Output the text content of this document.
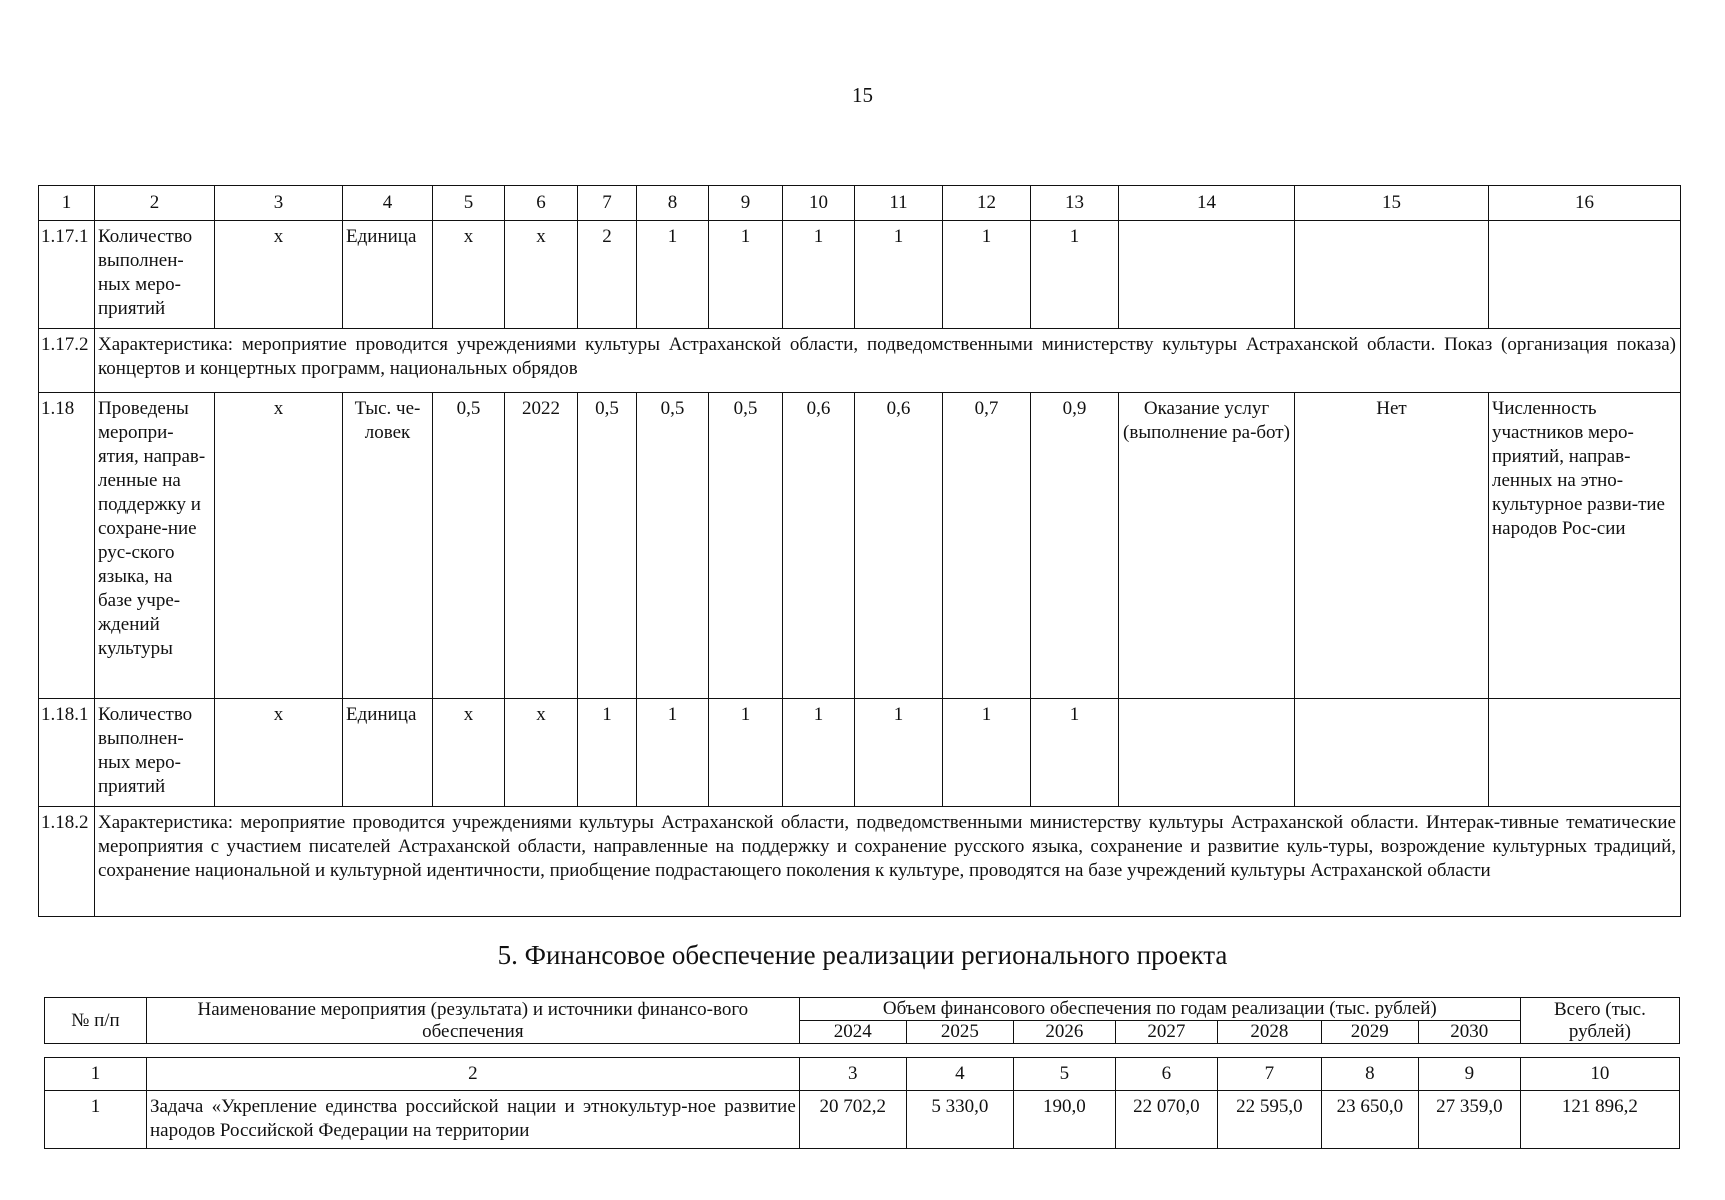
15
1	2	3	4	5	6	7	8	9	10	11	12	13	14	15	16
1.17.1	Количество выполнен-ных меро-приятий	х	Единица	х	х	2	1	1	1	1	1	1			
1.17.2	Характеристика: мероприятие проводится учреждениями культуры Астраханской области, подведомственными министерству культуры Астраханской области. Показ (организация показа) концертов и концертных программ, национальных обрядов														
1.18	Проведены меропри-ятия, направ-ленные на поддержку и сохране-ние рус-ского языка, на базе учре-ждений культуры	х	Тыс. че-ловек	0,5	2022	0,5	0,5	0,5	0,6	0,6	0,7	0,9	Оказание услуг (выполнение ра-бот)	Нет	Численность участников меро-приятий, направ-ленных на этно-культурное разви-тие народов Рос-сии
1.18.1	Количество выполнен-ных меро-приятий	х	Единица	х	х	1	1	1	1	1	1	1			
1.18.2	Характеристика: мероприятие проводится учреждениями культуры Астраханской области, подведомственными министерству культуры Астраханской области. Интерак-тивные тематические мероприятия с участием писателей Астраханской области, направленные на поддержку и сохранение русского языка, сохранение и развитие куль-туры, возрождение культурных традиций, сохранение национальной и культурной идентичности, приобщение подрастающего поколения к культуре, проводятся на базе учреждений культуры Астраханской области														
5. Финансовое обеспечение реализации регионального проекта
№ п/п	Наименование мероприятия (результата) и источники финансо-вого обеспечения	Объем финансового обеспечения по годам реализации (тыс. рублей)							Всего (тыс. рублей)
		2024	2025	2026	2027	2028	2029	2030	
1	2	3	4	5	6	7	8	9	10
1	Задача «Укрепление единства российской нации и этнокультур-ное развитие народов Российской Федерации на территории	20 702,2	5 330,0	190,0	22 070,0	22 595,0	23 650,0	27 359,0	121 896,2
